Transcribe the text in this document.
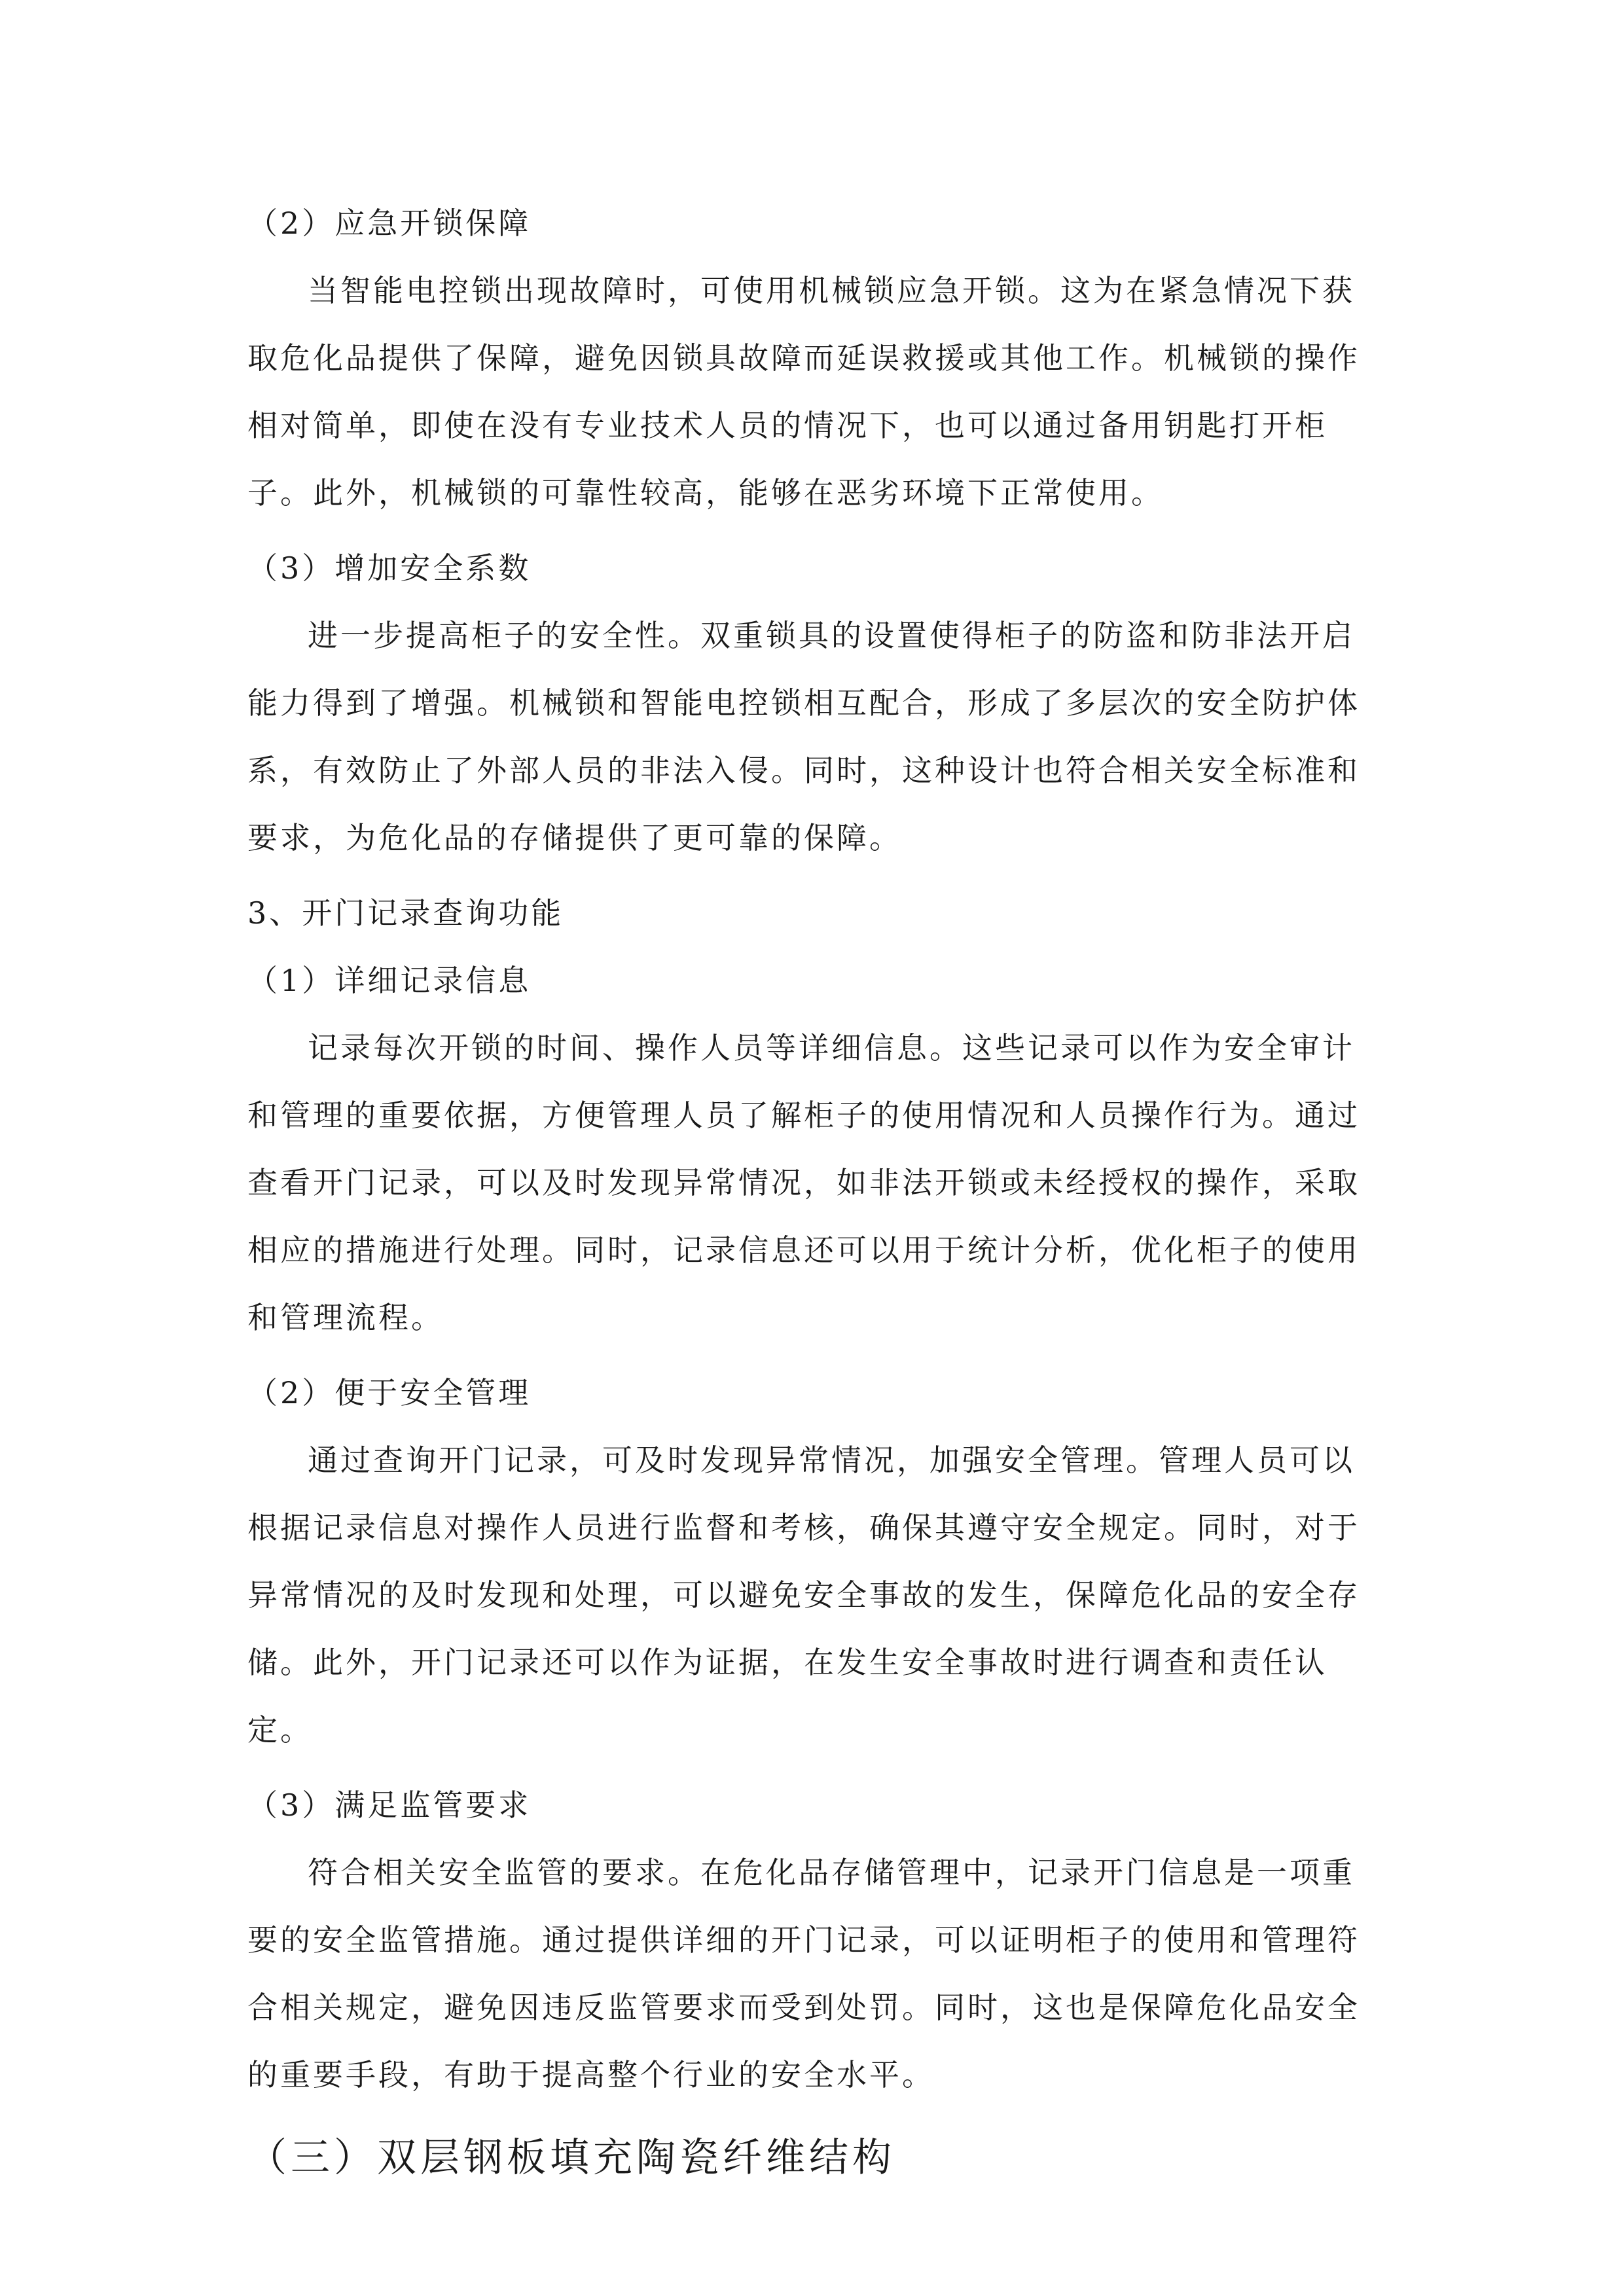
（2）应急开锁保障

当智能电控锁出现故障时，可使用机械锁应急开锁。这为在紧急情况下获

取危化品提供了保障，避免因锁具故障而延误救援或其他工作。机械锁的操作

相对简单，即使在没有专业技术人员的情况下，也可以通过备用钥匙打开柜

子。此外，机械锁的可靠性较高，能够在恶劣环境下正常使用。

（3）增加安全系数

进一步提高柜子的安全性。双重锁具的设置使得柜子的防盗和防非法开启

能力得到了增强。机械锁和智能电控锁相互配合，形成了多层次的安全防护体

系，有效防止了外部人员的非法入侵。同时，这种设计也符合相关安全标准和

要求，为危化品的存储提供了更可靠的保障。

3、开门记录查询功能

（1）详细记录信息

记录每次开锁的时间、操作人员等详细信息。这些记录可以作为安全审计

和管理的重要依据，方便管理人员了解柜子的使用情况和人员操作行为。通过

查看开门记录，可以及时发现异常情况，如非法开锁或未经授权的操作，采取

相应的措施进行处理。同时，记录信息还可以用于统计分析，优化柜子的使用

和管理流程。

（2）便于安全管理

通过查询开门记录，可及时发现异常情况，加强安全管理。管理人员可以

根据记录信息对操作人员进行监督和考核，确保其遵守安全规定。同时，对于

异常情况的及时发现和处理，可以避免安全事故的发生，保障危化品的安全存

储。此外，开门记录还可以作为证据，在发生安全事故时进行调查和责任认

定。

（3）满足监管要求

符合相关安全监管的要求。在危化品存储管理中，记录开门信息是一项重

要的安全监管措施。通过提供详细的开门记录，可以证明柜子的使用和管理符

合相关规定，避免因违反监管要求而受到处罚。同时，这也是保障危化品安全

的重要手段，有助于提高整个行业的安全水平。

（三）双层钢板填充陶瓷纤维结构
